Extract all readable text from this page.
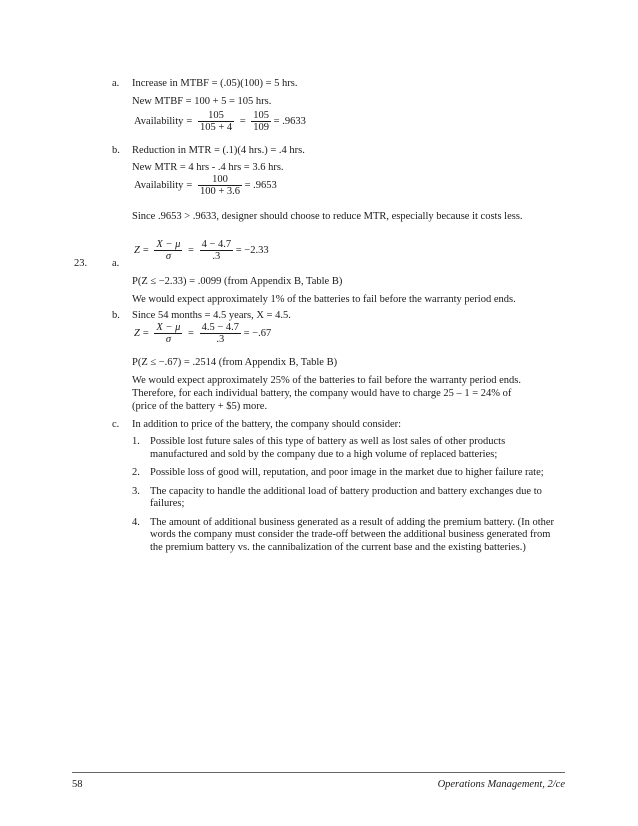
a. Increase in MTBF = (.05)(100) = 5 hrs.
New MTBF = 100 + 5 = 105 hrs.
Availability = $\frac{105}{105 + 4} = \frac{105}{109} = .9633$
b. Reduction in MTR = (.1)(4 hrs.) = .4 hrs.
New MTR = 4 hrs - .4 hrs = 3.6 hrs.
Availability = $\frac{100}{100 + 3.6} = .9653$
Since .9653 > .9633, designer should choose to reduce MTR, especially because it costs less.
23. a.
$Z = \frac{X - \mu}{\sigma} = \frac{4 - 4.7}{.3} = -2.33$
P(Z ≤ −2.33) = .0099 (from Appendix B, Table B)
We would expect approximately 1% of the batteries to fail before the warranty period ends.
b. Since 54 months = 4.5 years, X = 4.5.
$Z = \frac{X - \mu}{\sigma} = \frac{4.5 - 4.7}{.3} = -.67$
P(Z ≤ −.67) = .2514 (from Appendix B, Table B)
We would expect approximately 25% of the batteries to fail before the warranty period ends.
Therefore, for each individual battery, the company would have to charge 25 – 1 = 24% of
(price of the battery + $5) more.
c. In addition to price of the battery, the company should consider:
1. Possible lost future sales of this type of battery as well as lost sales of other products manufactured and sold by the company due to a high volume of replaced batteries;
2. Possible loss of good will, reputation, and poor image in the market due to higher failure rate;
3. The capacity to handle the additional load of battery production and battery exchanges due to failures;
4. The amount of additional business generated as a result of adding the premium battery. (In other words the company must consider the trade-off between the additional business generated from the premium battery vs. the cannibalization of the current base and the existing batteries.)
58	Operations Management, 2/ce
